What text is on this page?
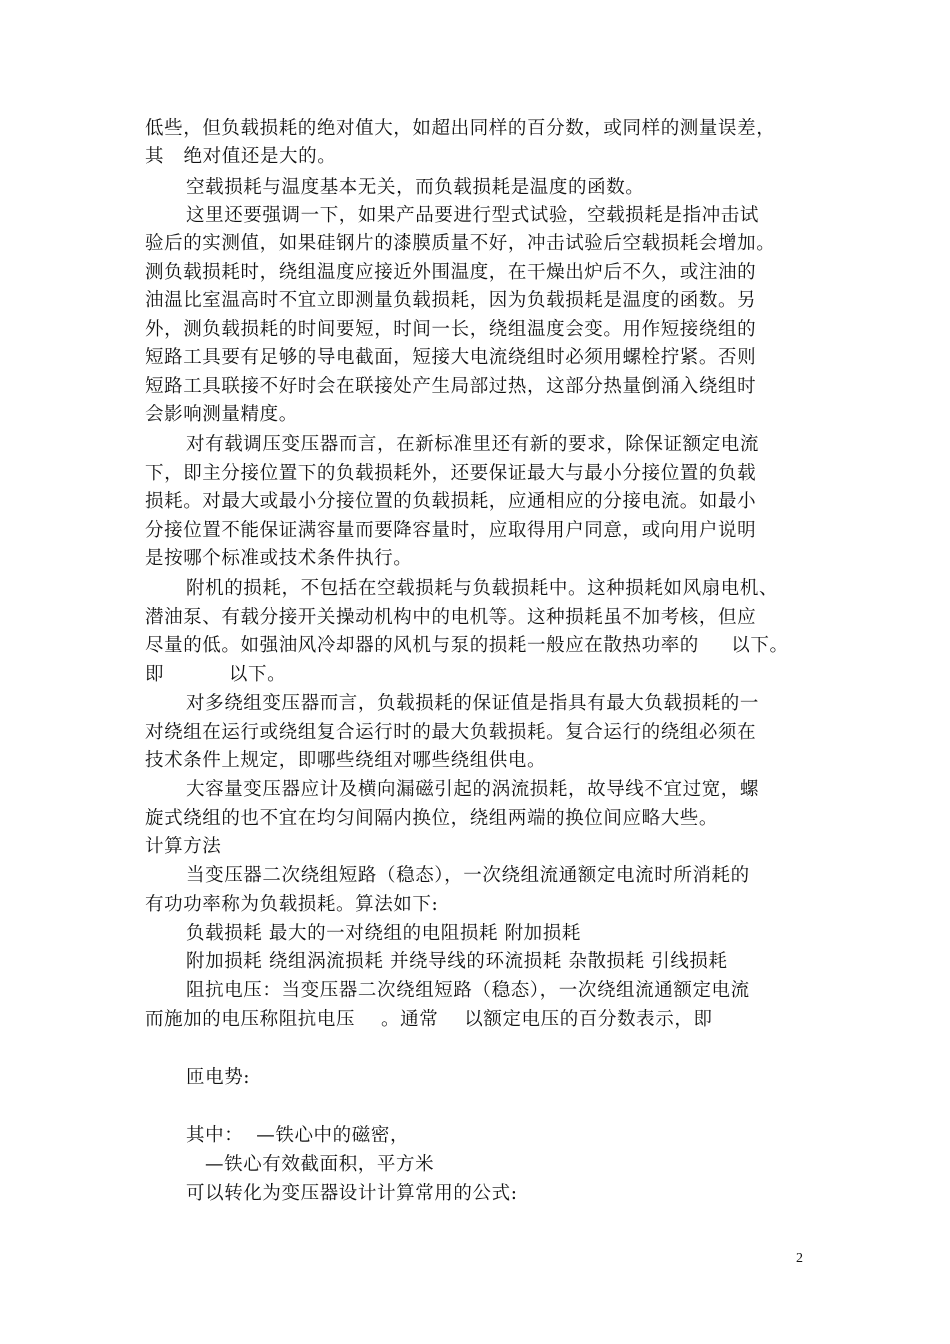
低些，但负载损耗的绝对值大，如超出同样的百分数，或同样的测量误差，
其   绝对值还是大的。
空载损耗与温度基本无关，而负载损耗是温度的函数。
这里还要强调一下，如果产品要进行型式试验，空载损耗是指冲击试
验后的实测值，如果硅钢片的漆膜质量不好，冲击试验后空载损耗会增加。
测负载损耗时，绕组温度应接近外围温度，在干燥出炉后不久，或注油的
油温比室温高时不宜立即测量负载损耗，因为负载损耗是温度的函数。另
外，测负载损耗的时间要短，时间一长，绕组温度会变。用作短接绕组的
短路工具要有足够的导电截面，短接大电流绕组时必须用螺栓拧紧。否则
短路工具联接不好时会在联接处产生局部过热，这部分热量倒涌入绕组时
会影响测量精度。
对有载调压变压器而言，在新标准里还有新的要求，除保证额定电流
下，即主分接位置下的负载损耗外，还要保证最大与最小分接位置的负载
损耗。对最大或最小分接位置的负载损耗，应通相应的分接电流。如最小
分接位置不能保证满容量而要降容量时，应取得用户同意，或向用户说明
是按哪个标准或技术条件执行。
附机的损耗，不包括在空载损耗与负载损耗中。这种损耗如风扇电机、
潜油泵、有载分接开关操动机构中的电机等。这种损耗虽不加考核，但应
尽量的低。如强油风冷却器的风机与泵的损耗一般应在散热功率的     以下。
即          以下。
对多绕组变压器而言，负载损耗的保证值是指具有最大负载损耗的一
对绕组在运行或绕组复合运行时的最大负载损耗。复合运行的绕组必须在
技术条件上规定，即哪些绕组对哪些绕组供电。
大容量变压器应计及横向漏磁引起的涡流损耗，故导线不宜过宽，螺
旋式绕组的也不宜在均匀间隔内换位，绕组两端的换位间应略大些。
计算方法
当变压器二次绕组短路（稳态），一次绕组流通额定电流时所消耗的
有功功率称为负载损耗。算法如下:
负载损耗 最大的一对绕组的电阻损耗 附加损耗
附加损耗 绕组涡流损耗 并绕导线的环流损耗 杂散损耗 引线损耗
阻抗电压：当变压器二次绕组短路（稳态），一次绕组流通额定电流
而施加的电压称阻抗电压    。通常    以额定电压的百分数表示，即
匝电势:
其中：  —铁心中的磁密，
—铁心有效截面积，平方米
可以转化为变压器设计计算常用的公式:
2
